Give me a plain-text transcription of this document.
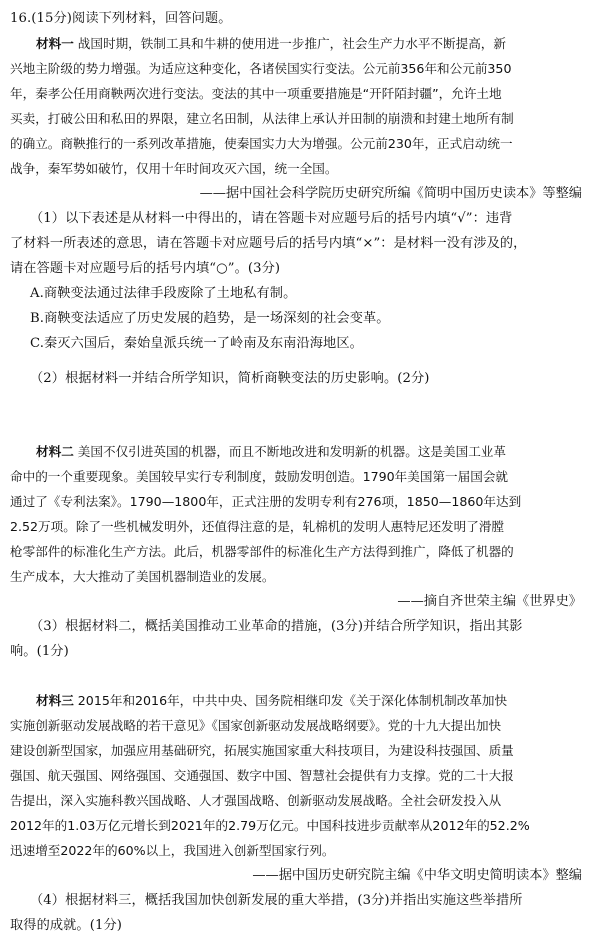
16.(15分)阅读下列材料，回答问题。
材料一 战国时期，铁制工具和牛耕的使用进一步推广，社会生产力水平不断提高，新
兴地主阶级的势力增强。为适应这种变化，各诸侯国实行变法。公元前356年和公元前350
年，秦孝公任用商鞅两次进行变法。变法的其中一项重要措施是“开阡陌封疆”，允许土地
买卖，打破公田和私田的界限，建立名田制，从法律上承认并田制的崩溃和封建土地所有制
的确立。商鞅推行的一系列改革措施，使秦国实力大为增强。公元前230年，正式启动统一
战争，秦军势如破竹，仅用十年时间攻灭六国，统一全国。
——据中国社会科学院历史研究所编《简明中国历史读本》等整编
（1）以下表述是从材料一中得出的，请在答题卡对应题号后的括号内填“√”：违背
了材料一所表述的意思，请在答题卡对应题号后的括号内填“×”：是材料一没有涉及的，
请在答题卡对应题号后的括号内填“○”。(3分)
A.商鞅变法通过法律手段废除了土地私有制。
B.商鞅变法适应了历史发展的趋势，是一场深刻的社会变革。
C.秦灭六国后，秦始皇派兵统一了岭南及东南沿海地区。
（2）根据材料一并结合所学知识，简析商鞅变法的历史影响。(2分)
材料二 美国不仅引进英国的机器，而且不断地改进和发明新的机器。这是美国工业革
命中的一个重要现象。美国较早实行专利制度，鼓励发明创造。1790年美国第一届国会就
通过了《专利法案》。1790—1800年，正式注册的发明专利有276项，1850—1860年达到
2.52万项。除了一些机械发明外，还值得注意的是，轧棉机的发明人惠特尼还发明了滑膛
枪零部件的标准化生产方法。此后，机器零部件的标准化生产方法得到推广，降低了机器的
生产成本，大大推动了美国机器制造业的发展。
——摘自齐世荣主编《世界史》
（3）根据材料二，概括美国推动工业革命的措施，(3分)并结合所学知识，指出其影
响。(1分)
材料三 2015年和2016年，中共中央、国务院相继印发《关于深化体制机制改革加快
实施创新驱动发展战略的若干意见》《国家创新驱动发展战略纲要》。党的十九大提出加快
建设创新型国家，加强应用基础研究，拓展实施国家重大科技项目，为建设科技强国、质量
强国、航天强国、网络强国、交通强国、数字中国、智慧社会提供有力支撑。党的二十大报
告提出，深入实施科教兴国战略、人才强国战略、创新驱动发展战略。全社会研发投入从
2012年的1.03万亿元增长到2021年的2.79万亿元。中国科技进步贡献率从2012年的52.2%
迅速增至2022年的60%以上，我国进入创新型国家行列。
——据中国历史研究院主编《中华文明史简明读本》整编
（4）根据材料三，概括我国加快创新发展的重大举措，(3分)并指出实施这些举措所
取得的成就。(1分)
